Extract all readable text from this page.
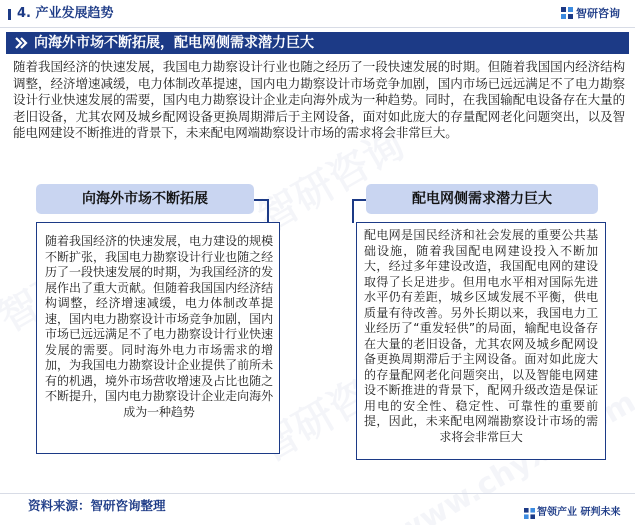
4. 产业发展趋势	智研咨询
向海外市场不断拓展，配电网侧需求潜力巨大
随着我国经济的快速发展，我国电力勘察设计行业也随之经历了一段快速发展的时期。但随着我国国内经济结构调整，经济增速减缓，电力体制改革提速，国内电力勘察设计市场竞争加剧，国内市场已远远满足不了电力勘察设计行业快速发展的需要，国内电力勘察设计企业走向海外成为一种趋势。同时，在我国输配电设备存在大量的老旧设备，尤其农网及城乡配网设备更换周期滞后于主网设备，面对如此庞大的存量配网老化问题突出，以及智能电网建设不断推进的背景下，未来配电网端勘察设计市场的需求将会非常巨大。
向海外市场不断拓展
随着我国经济的快速发展，电力建设的规模不断扩张，我国电力勘察设计行业也随之经历了一段快速发展的时期，为我国经济的发展作出了重大贡献。但随着我国国内经济结构调整，经济增速减缓，电力体制改革提速，国内电力勘察设计市场竞争加剧，国内市场已远远满足不了电力勘察设计行业快速发展的需要。同时海外电力市场需求的增加，为我国电力勘察设计企业提供了前所未有的机遇，境外市场营收增速及占比也随之不断提升，国内电力勘察设计企业走向海外成为一种趋势
配电网侧需求潜力巨大
配电网是国民经济和社会发展的重要公共基础设施，随着我国配电网建设投入不断加大，经过多年建设改造，我国配电网的建设取得了长足进步。但用电水平相对国际先进水平仍有差距，城乡区域发展不平衡，供电质量有待改善。另外长期以来，我国电力工业经历了“重发轻供”的局面，输配电设备存在大量的老旧设备，尤其农网及城乡配网设备更换周期滞后于主网设备。面对如此庞大的存量配网老化问题突出，以及智能电网建设不断推进的背景下，配网升级改造是保证用电的安全性、稳定性、可靠性的重要前提，因此，未来配电网端勘察设计市场的需求将会非常巨大
资料来源：智研咨询整理	智领产业 研判未来
